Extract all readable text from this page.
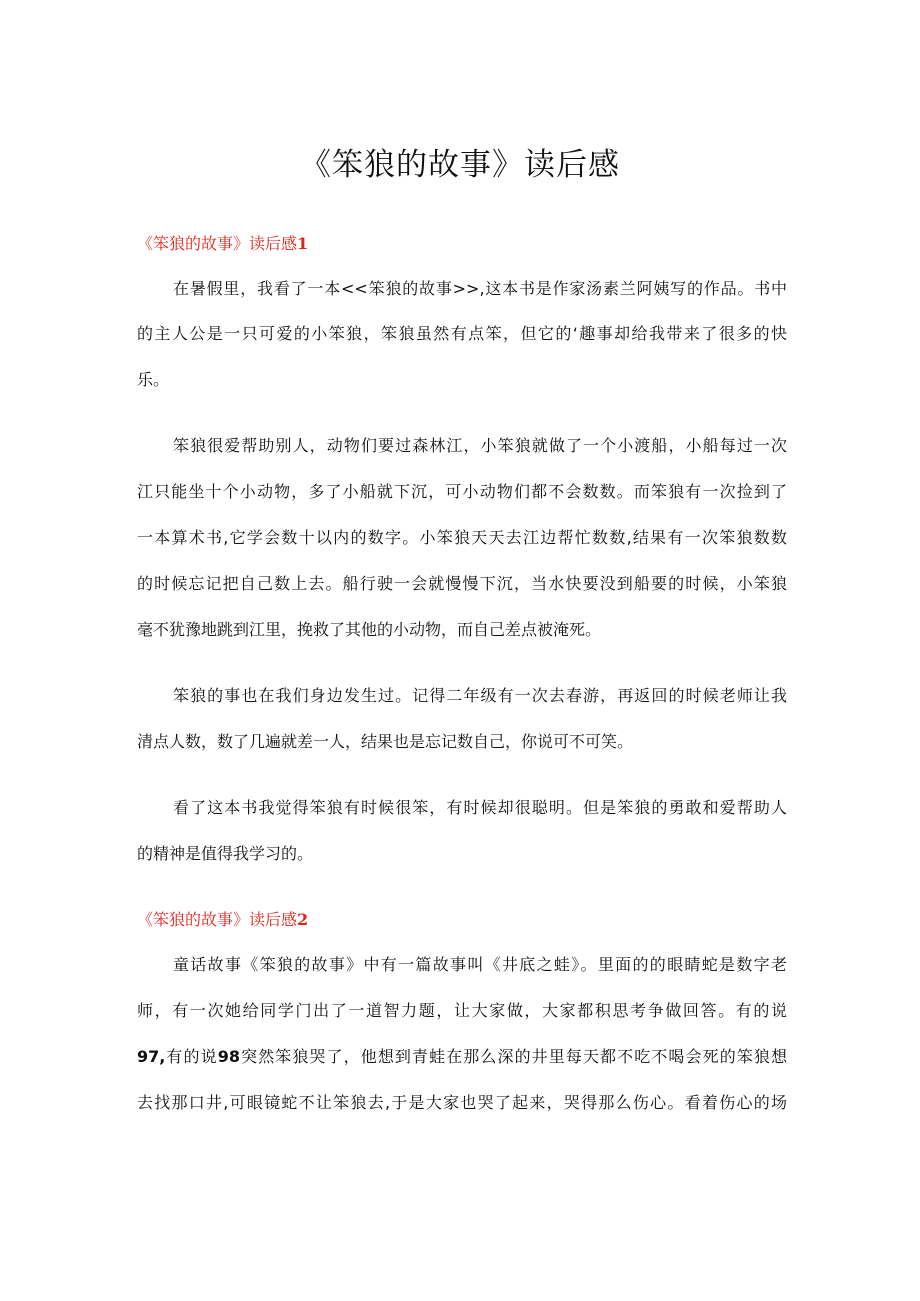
《笨狼的故事》读后感
《笨狼的故事》读后感1

在暑假里，我看了一本<<笨狼的故事>>,这本书是作家汤素兰阿姨写的作品。书中

的主人公是一只可爱的小笨狼，笨狼虽然有点笨，但它的‘趣事却给我带来了很多的快

乐。

笨狼很爱帮助别人，动物们要过森林江，小笨狼就做了一个小渡船，小船每过一次

江只能坐十个小动物，多了小船就下沉，可小动物们都不会数数。而笨狼有一次捡到了

一本算术书,它学会数十以内的数字。小笨狼天天去江边帮忙数数,结果有一次笨狼数数

的时候忘记把自己数上去。船行驶一会就慢慢下沉，当水快要没到船要的时候，小笨狼

毫不犹豫地跳到江里，挽救了其他的小动物，而自己差点被淹死。

笨狼的事也在我们身边发生过。记得二年级有一次去春游，再返回的时候老师让我

清点人数，数了几遍就差一人，结果也是忘记数自己，你说可不可笑。

看了这本书我觉得笨狼有时候很笨，有时候却很聪明。但是笨狼的勇敢和爱帮助人

的精神是值得我学习的。

《笨狼的故事》读后感2

童话故事《笨狼的故事》中有一篇故事叫《井底之蛙》。里面的的眼睛蛇是数字老

师，有一次她给同学门出了一道智力题，让大家做，大家都积思考争做回答。有的说

97,有的说98突然笨狼哭了，他想到青蛙在那么深的井里每天都不吃不喝会死的笨狼想

去找那口井,可眼镜蛇不让笨狼去,于是大家也哭了起来，哭得那么伤心。看着伤心的场
